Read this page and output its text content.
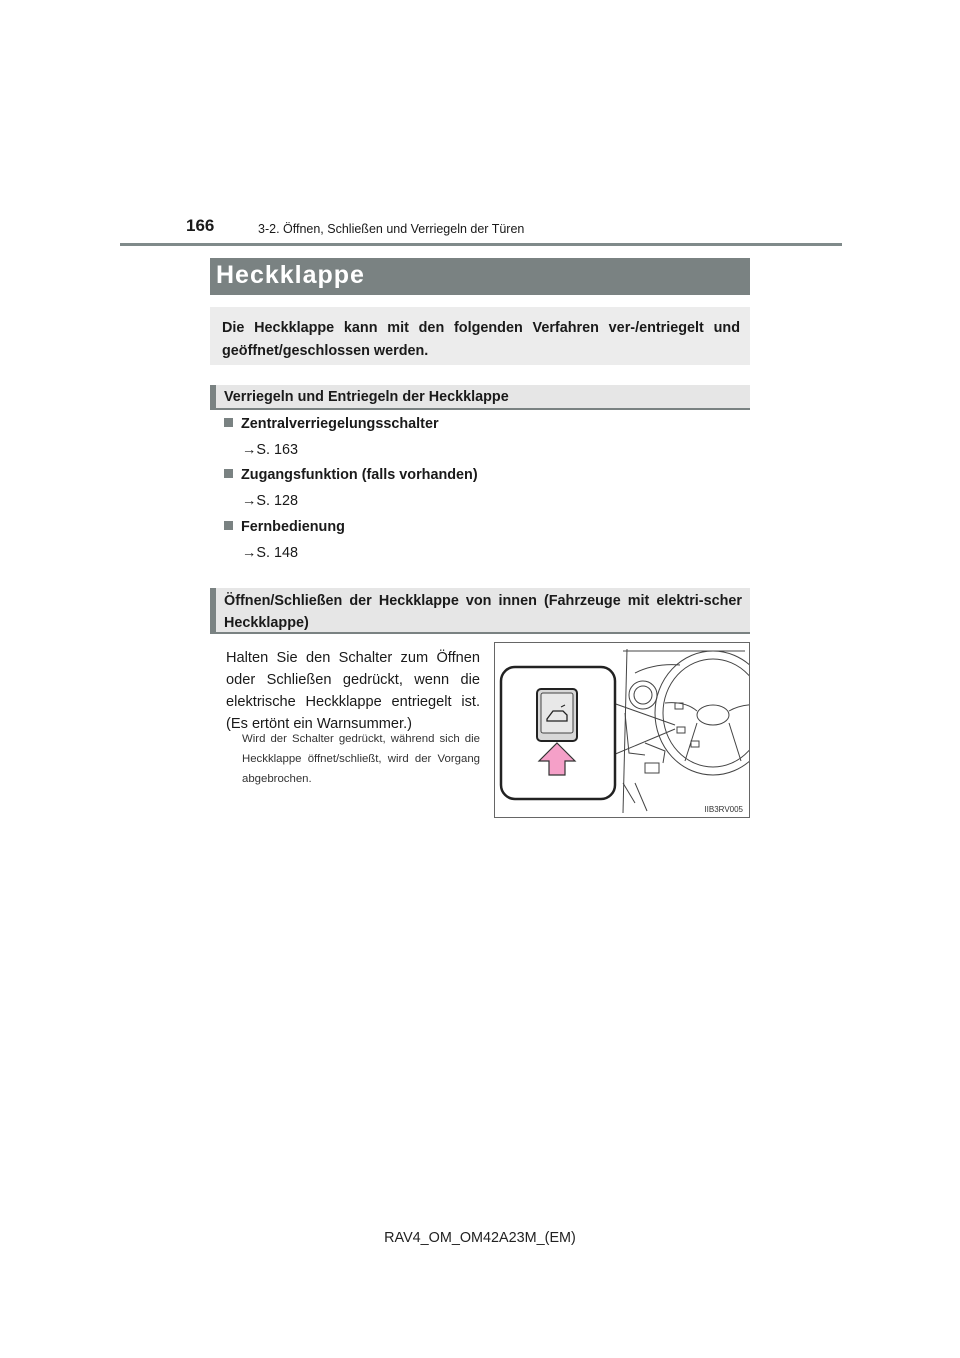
166	3-2. Öffnen, Schließen und Verriegeln der Türen
Heckklappe

Die Heckklappe kann mit den folgenden Verfahren ver-/entriegelt und geöffnet/geschlossen werden.

Verriegeln und Entriegeln der Heckklappe
Zentralverriegelungsschalter
→S. 163
Zugangsfunktion (falls vorhanden)
→S. 128
Fernbedienung
→S. 148
Öffnen/Schließen der Heckklappe von innen (Fahrzeuge mit elektri-scher Heckklappe)

Halten Sie den Schalter zum Öffnen oder Schließen gedrückt, wenn die elektrische Heckklappe entriegelt ist. (Es ertönt ein Warnsummer.)

Wird der Schalter gedrückt, während sich die Heckklappe öffnet/schließt, wird der Vorgang abgebrochen.

IIB3RV005
RAV4_OM_OM42A23M_(EM)
